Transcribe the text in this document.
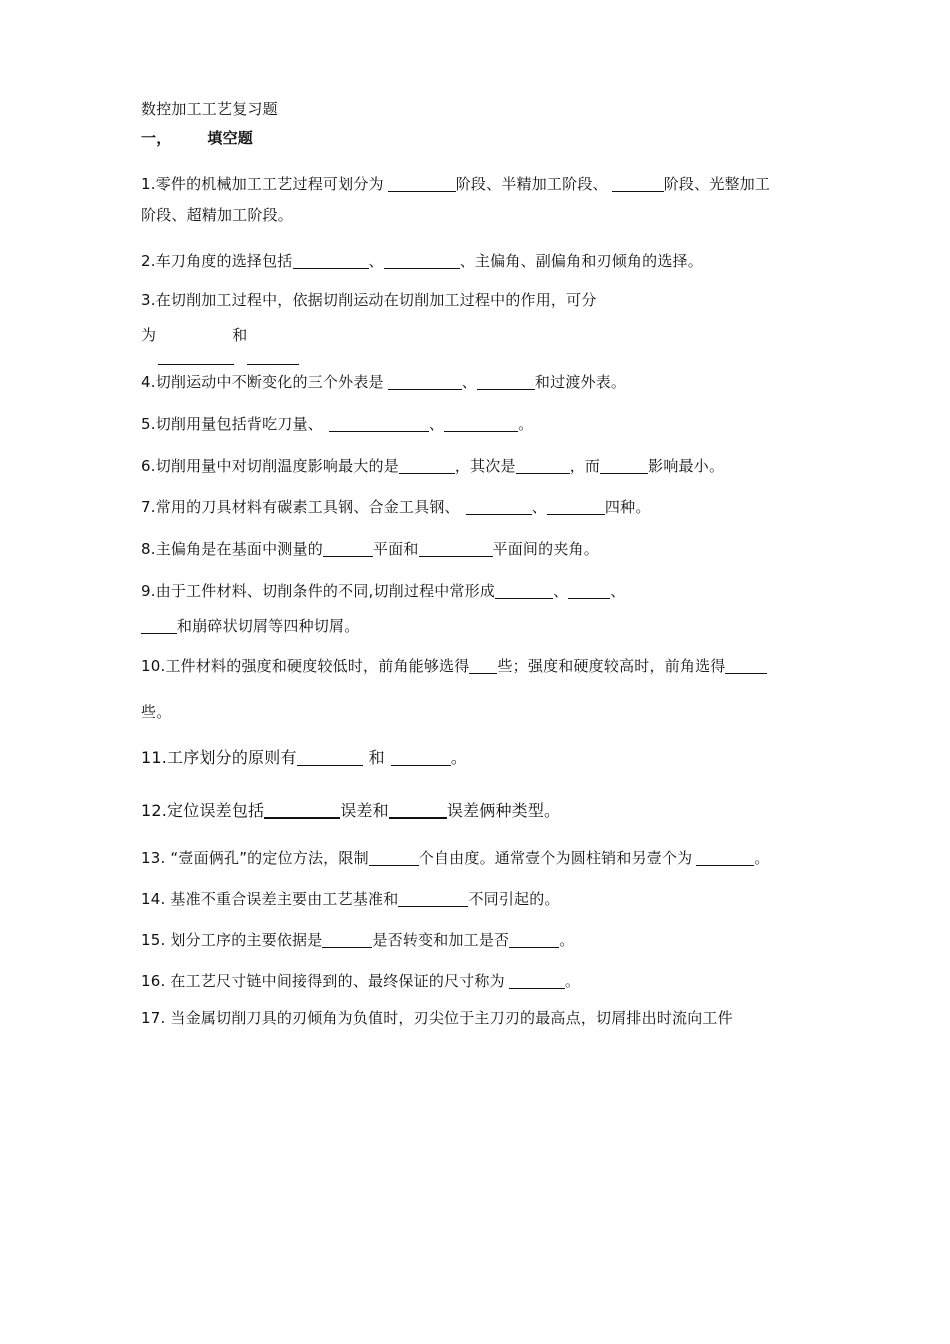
数控加工工艺复习题
一， 填空题
1.零件的机械加工工艺过程可划分为	阶段、半精加工阶段、	阶段、光整加工
阶段、超精加工阶段。
2.车刀角度的选择包括	、	、主偏角、副偏角和刃倾角的选择。
3.在切削加工过程中，依据切削运动在切削加工过程中的作用，可分
为	和
4.切削运动中不断变化的三个外表是	、	和过渡外表。
5.切削用量包括背吃刀量、	、	。
6.切削用量中对切削温度影响最大的是	，其次是	，而	影响最小。
7.常用的刀具材料有碳素工具钢、合金工具钢、	、	四种。
8.主偏角是在基面中测量的	平面和	平面间的夹角。
9.由于工件材料、切削条件的不同,切削过程中常形成	、	、
和崩碎状切屑等四种切屑。
10.工件材料的强度和硬度较低时，前角能够选得 些；强度和硬度较高时，前角选得
些。
11.工序划分的原则有	和	。
12.定位误差包括	误差和	误差俩种类型。
13. “壹面俩孔”的定位方法，限制	个自由度。通常壹个为圆柱销和另壹个为	。
14. 基准不重合误差主要由工艺基准和	不同引起的。
15. 划分工序的主要依据是	是否转变和加工是否	。
16. 在工艺尺寸链中间接得到的、最终保证的尺寸称为	。
17. 当金属切削刀具的刃倾角为负值时，刃尖位于主刀刃的最高点，切屑排出时流向工件
